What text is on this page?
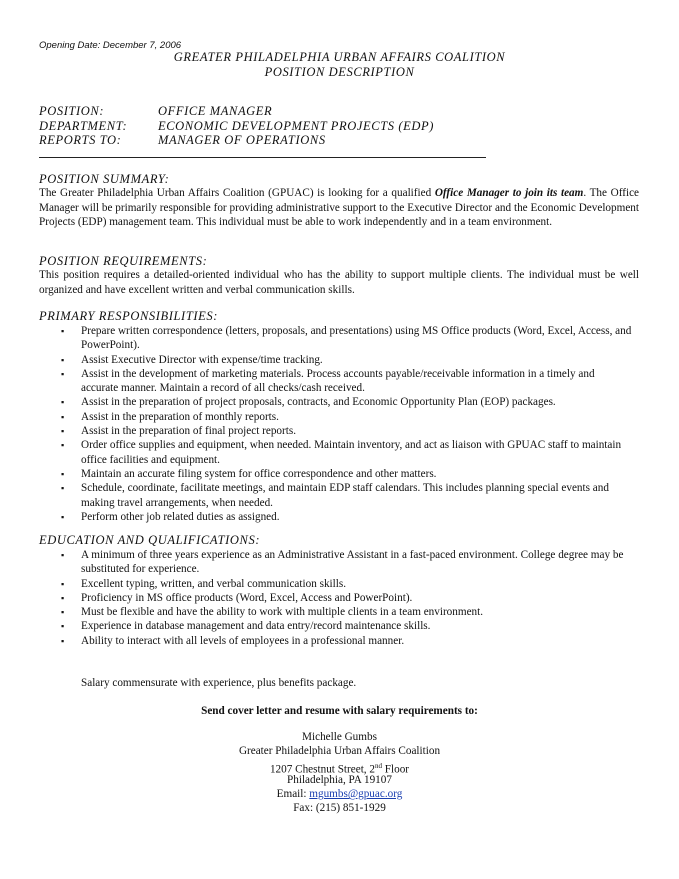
Opening Date: December 7, 2006
GREATER PHILADELPHIA URBAN AFFAIRS COALITION
POSITION DESCRIPTION
POSITION:	OFFICE MANAGER
DEPARTMENT: ECONOMIC DEVELOPMENT PROJECTS (EDP)
REPORTS TO:	MANAGER OF OPERATIONS
POSITION SUMMARY:
The Greater Philadelphia Urban Affairs Coalition (GPUAC) is looking for a qualified Office Manager to join its team. The Office Manager will be primarily responsible for providing administrative support to the Executive Director and the Economic Development Projects (EDP) management team. This individual must be able to work independently and in a team environment.
POSITION REQUIREMENTS:
This position requires a detailed-oriented individual who has the ability to support multiple clients. The individual must be well organized and have excellent written and verbal communication skills.
PRIMARY RESPONSIBILITIES:
▪ Prepare written correspondence (letters, proposals, and presentations) using MS Office products (Word, Excel, Access, and PowerPoint).
▪ Assist Executive Director with expense/time tracking.
▪ Assist in the development of marketing materials. Process accounts payable/receivable information in a timely and accurate manner. Maintain a record of all checks/cash received.
▪ Assist in the preparation of project proposals, contracts, and Economic Opportunity Plan (EOP) packages.
▪ Assist in the preparation of monthly reports.
▪ Assist in the preparation of final project reports.
▪ Order office supplies and equipment, when needed. Maintain inventory, and act as liaison with GPUAC staff to maintain office facilities and equipment.
▪ Maintain an accurate filing system for office correspondence and other matters.
▪ Schedule, coordinate, facilitate meetings, and maintain EDP staff calendars. This includes planning special events and making travel arrangements, when needed.
▪ Perform other job related duties as assigned.
EDUCATION AND QUALIFICATIONS:
▪ A minimum of three years experience as an Administrative Assistant in a fast-paced environment. College degree may be substituted for experience.
▪ Excellent typing, written, and verbal communication skills.
▪ Proficiency in MS office products (Word, Excel, Access and PowerPoint).
▪ Must be flexible and have the ability to work with multiple clients in a team environment.
▪ Experience in database management and data entry/record maintenance skills.
▪ Ability to interact with all levels of employees in a professional manner.
Salary commensurate with experience, plus benefits package.
Send cover letter and resume with salary requirements to:
Michelle Gumbs
Greater Philadelphia Urban Affairs Coalition
1207 Chestnut Street, 2nd Floor
Philadelphia, PA 19107
Email: mgumbs@gpuac.org
Fax: (215) 851-1929
